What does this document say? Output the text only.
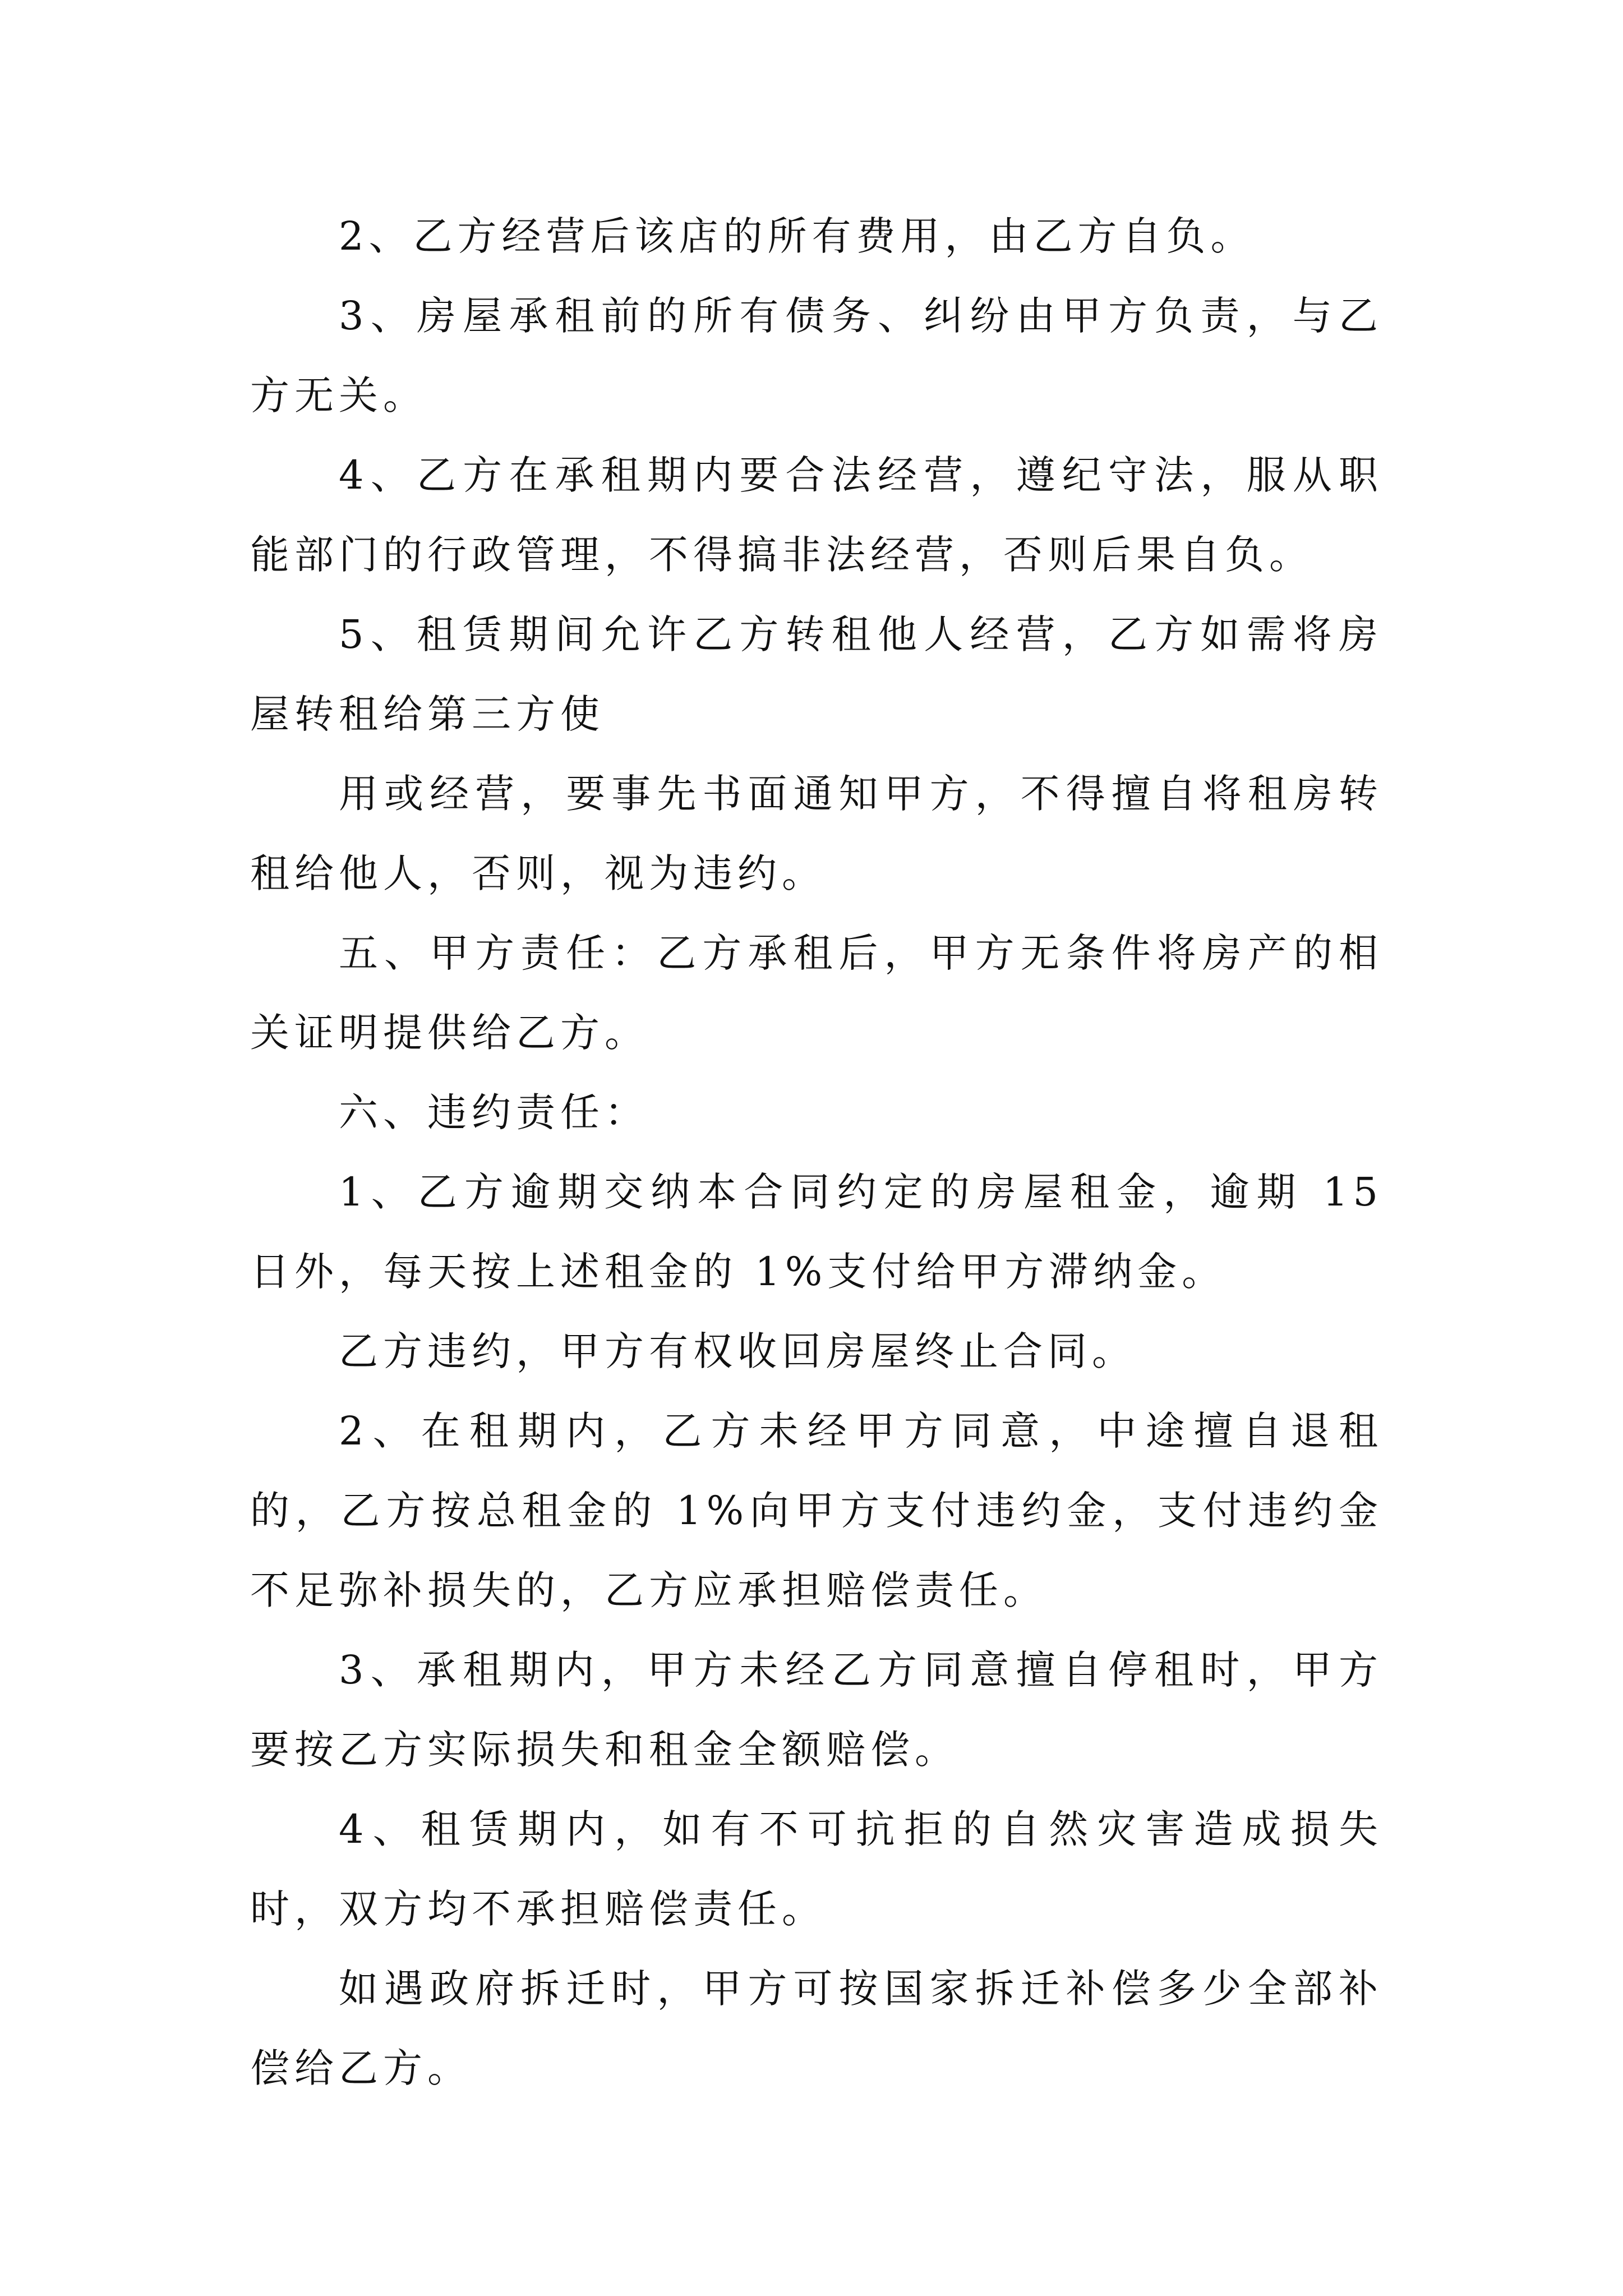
2、乙方经营后该店的所有费用，由乙方自负。

3、房屋承租前的所有债务、纠纷由甲方负责，与乙方无关。

4、乙方在承租期内要合法经营，遵纪守法，服从职能部门的行政管理，不得搞非法经营，否则后果自负。

5、租赁期间允许乙方转租他人经营，乙方如需将房屋转租给第三方使

用或经营，要事先书面通知甲方，不得擅自将租房转租给他人，否则，视为违约。

五、甲方责任：乙方承租后，甲方无条件将房产的相关证明提供给乙方。

六、违约责任：

1、乙方逾期交纳本合同约定的房屋租金，逾期 15 日外，每天按上述租金的 1%支付给甲方滞纳金。

乙方违约，甲方有权收回房屋终止合同。

2、在租期内，乙方未经甲方同意，中途擅自退租的，乙方按总租金的 1%向甲方支付违约金，支付违约金不足弥补损失的，乙方应承担赔偿责任。

3、承租期内，甲方未经乙方同意擅自停租时，甲方要按乙方实际损失和租金全额赔偿。

4、租赁期内，如有不可抗拒的自然灾害造成损失时，双方均不承担赔偿责任。

如遇政府拆迁时，甲方可按国家拆迁补偿多少全部补偿给乙方。
